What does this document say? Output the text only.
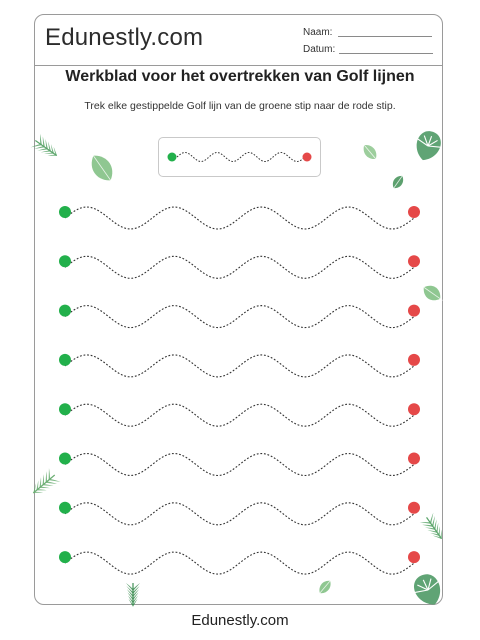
Edunestly.com	Naam:
Datum:
Werkblad voor het overtrekken van Golf lijnen
Trek elke gestippelde Golf lijn van de groene stip naar de rode stip.
Edunestly.com
